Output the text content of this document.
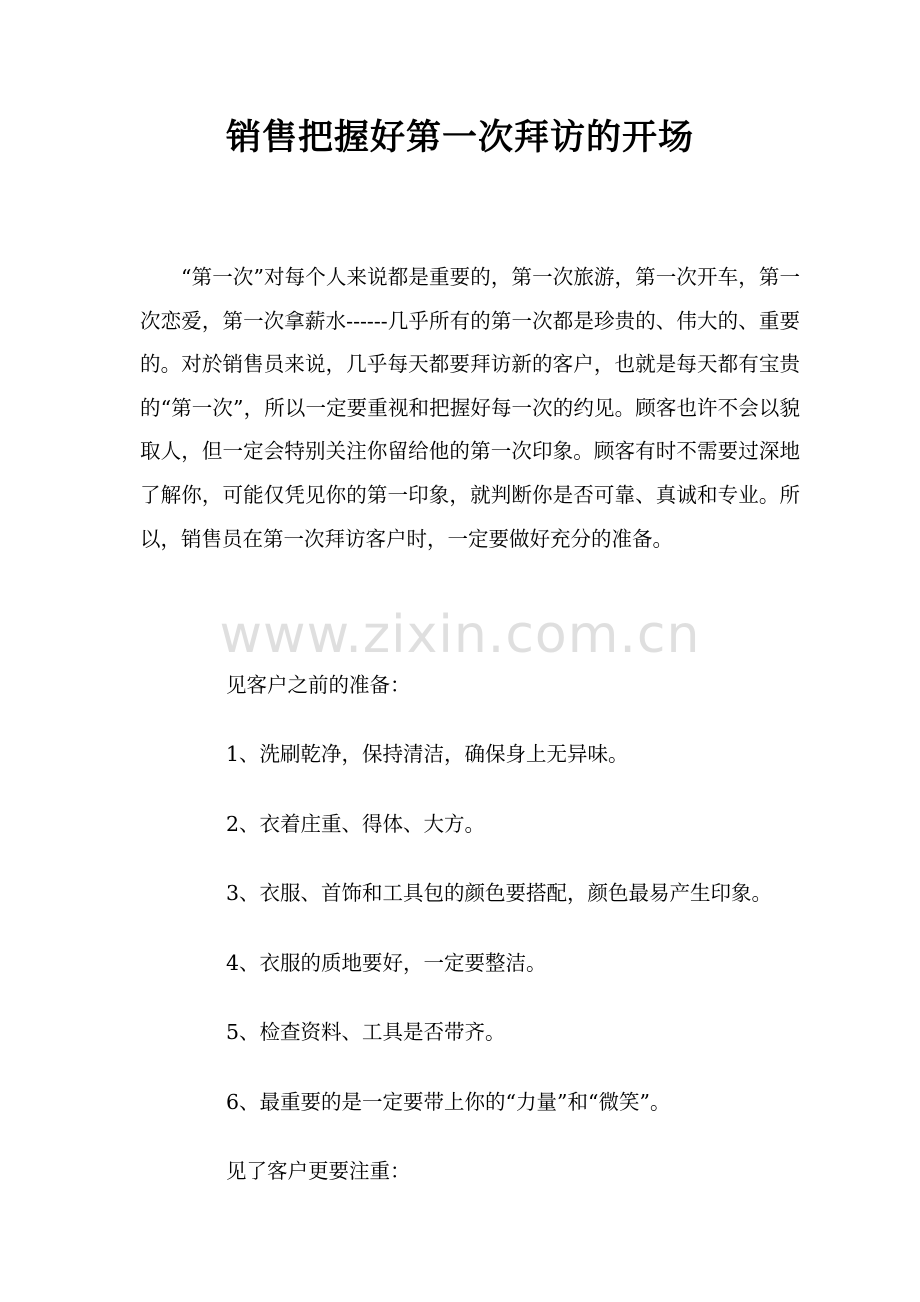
销售把握好第一次拜访的开场
“第一次”对每个人来说都是重要的，第一次旅游，第一次开车，第一次恋爱，第一次拿薪水------几乎所有的第一次都是珍贵的、伟大的、重要的。对於销售员来说，几乎每天都要拜访新的客户，也就是每天都有宝贵的“第一次”，所以一定要重视和把握好每一次的约见。顾客也许不会以貌取人，但一定会特别关注你留给他的第一次印象。顾客有时不需要过深地了解你，可能仅凭见你的第一印象，就判断你是否可靠、真诚和专业。所以，销售员在第一次拜访客户时，一定要做好充分的准备。
www.zixin.com.cn
见客户之前的准备：
1、洗刷乾净，保持清洁，确保身上无异味。
2、衣着庄重、得体、大方。
3、衣服、首饰和工具包的颜色要搭配，颜色最易产生印象。
4、衣服的质地要好，一定要整洁。
5、检查资料、工具是否带齐。
6、最重要的是一定要带上你的“力量”和“微笑”。
见了客户更要注重：
